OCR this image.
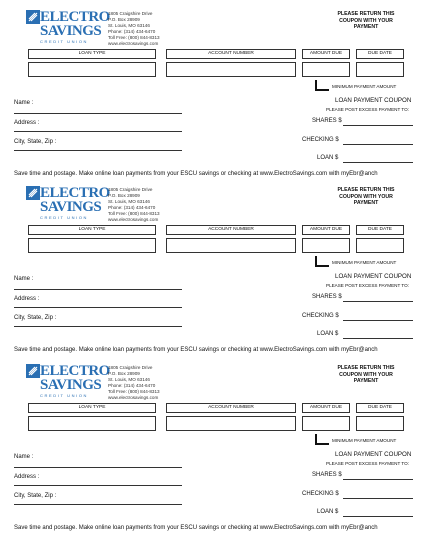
ELECTRO
SAVINGS
CREDIT UNION
1805 Craigshire Drive
P.O. Box 28909
St. Louis, MO 63146
Phone: (314) 434-6470
Toll Free: (800) 844-8313
www.electrosavings.com
PLEASE RETURN THIS
COUPON WITH YOUR
PAYMENT
LOAN TYPE	ACCOUNT NUMBER	AMOUNT DUE	DUE DATE
MINIMUM PAYMENT AMOUNT
Name :
Address :
City, State, Zip :
LOAN PAYMENT COUPON
PLEASE POST EXCESS PAYMENT TO:
SHARES $
CHECKING $
LOAN $
Save time and postage. Make online loan payments from your ESCU savings or checking at www.ElectroSavings.com with myEbr@anch
ELECTRO
SAVINGS
CREDIT UNION
1805 Craigshire Drive
P.O. Box 28909
St. Louis, MO 63146
Phone: (314) 434-6470
Toll Free: (800) 844-8313
www.electrosavings.com
PLEASE RETURN THIS
COUPON WITH YOUR
PAYMENT
LOAN TYPE	ACCOUNT NUMBER	AMOUNT DUE	DUE DATE
MINIMUM PAYMENT AMOUNT
Name :
Address :
City, State, Zip :
LOAN PAYMENT COUPON
PLEASE POST EXCESS PAYMENT TO:
SHARES $
CHECKING $
LOAN $
Save time and postage. Make online loan payments from your ESCU savings or checking at www.ElectroSavings.com with myEbr@anch
ELECTRO
SAVINGS
CREDIT UNION
1805 Craigshire Drive
P.O. Box 28909
St. Louis, MO 63146
Phone: (314) 434-6470
Toll Free: (800) 844-8313
www.electrosavings.com
PLEASE RETURN THIS
COUPON WITH YOUR
PAYMENT
LOAN TYPE	ACCOUNT NUMBER	AMOUNT DUE	DUE DATE
MINIMUM PAYMENT AMOUNT
Name :
Address :
City, State, Zip :
LOAN PAYMENT COUPON
PLEASE POST EXCESS PAYMENT TO:
SHARES $
CHECKING $
LOAN $
Save time and postage. Make online loan payments from your ESCU savings or checking at www.ElectroSavings.com with myEbr@anch
